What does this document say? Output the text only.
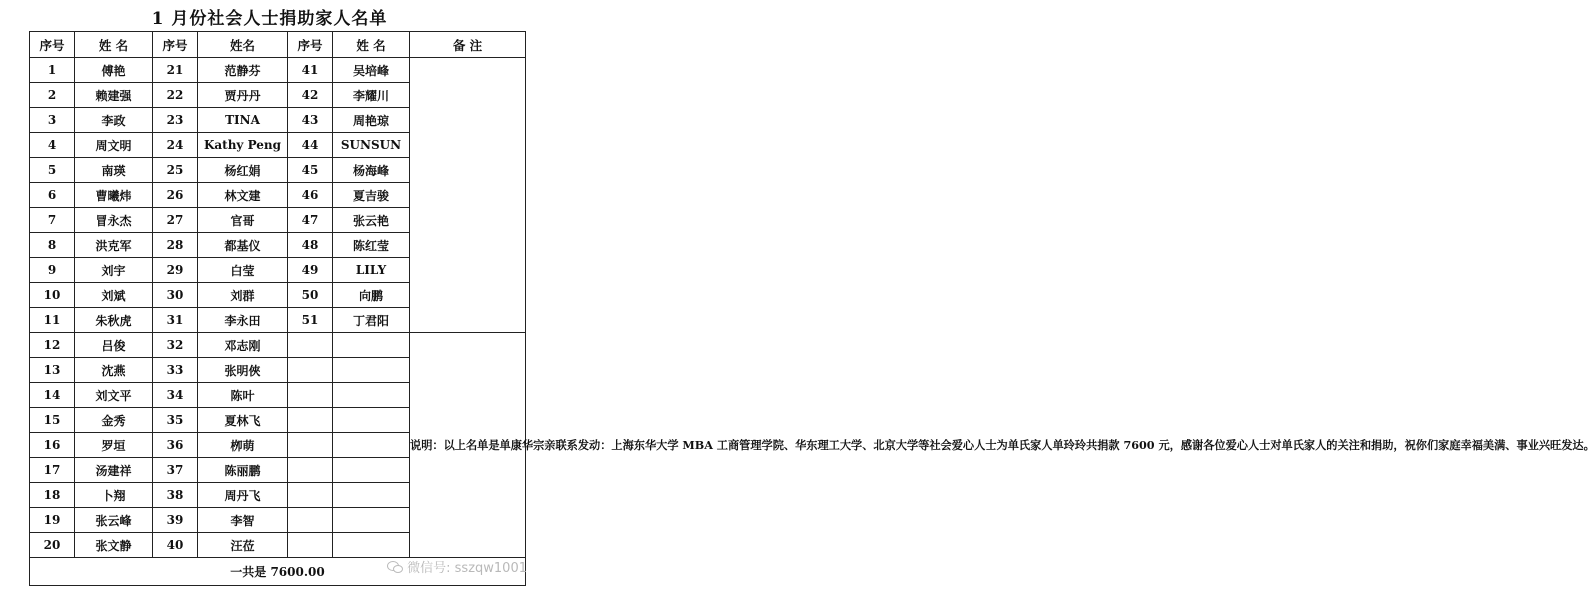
1 月份社会人士捐助家人名单
序号	姓 名	序号	姓名	序号	姓 名	备 注
1	傅艳	21	范静芬	41	吴培峰	
2	赖建强	22	贾丹丹	42	李耀川	
3	李政	23	TINA	43	周艳琼	
4	周文明	24	Kathy Peng	44	SUNSUN	
5	南瑛	25	杨红娟	45	杨海峰	
6	曹曦炜	26	林文建	46	夏吉骏	
7	冒永杰	27	官哥	47	张云艳	
8	洪克军	28	都基仪	48	陈红莹	
9	刘宇	29	白莹	49	LILY	
10	刘斌	30	刘群	50	向鹏	
11	朱秋虎	31	李永田	51	丁君阳	
12	吕俊	32	邓志刚			说明：以上名单是单康华宗亲联系发动：上海东华大学 MBA 工商管理学院、华东理工大学、北京大学等社会爱心人士为单氏家人单玲玲共捐款 7600 元，感谢各位爱心人士对单氏家人的关注和捐助，祝你们家庭幸福美满、事业兴旺发达。
13	沈燕	33	张明俠			
14	刘文平	34	陈叶			
15	金秀	35	夏林飞			
16	罗垣	36	栁萌			
17	汤建祥	37	陈丽鹏			
18	卜翔	38	周丹飞			
19	张云峰	39	李智			
20	张文静	40	汪莅			
一共是 7600.00							微信号: sszqw1001
